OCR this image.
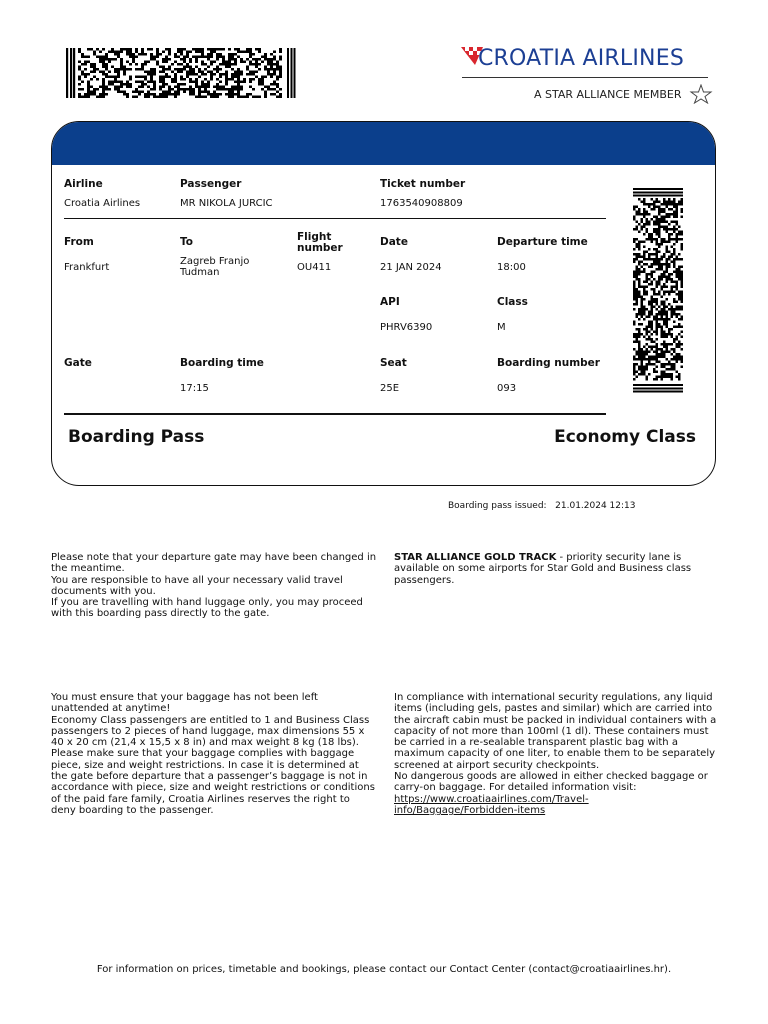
CROATIA AIRLINES
A STAR ALLIANCE MEMBER
Airline
Croatia Airlines
Passenger
MR NIKOLA JURCIC
Ticket number
1763540908809
From
Frankfurt
To
Zagreb Franjo
Tudman
Flight
number
OU411
Date
21 JAN 2024
Departure time
18:00
API
PHRV6390
Class
M
Gate	Boarding time
17:15
Seat
25E
Boarding number
093
Boarding Pass	Economy Class
Boarding pass issued: 21.01.2024 12:13

Please note that your departure gate may have been changed in the meantime.

You are responsible to have all your necessary valid travel documents with you.

If you are travelling with hand luggage only, you may proceed with this boarding pass directly to the gate.

STAR ALLIANCE GOLD TRACK - priority security lane is available on some airports for Star Gold and Business class passengers.

You must ensure that your baggage has not been left unattended at anytime!

Economy Class passengers are entitled to 1 and Business Class passengers to 2 pieces of hand luggage, max dimensions 55 x 40 x 20 cm (21,4 x 15,5 x 8 in) and max weight 8 kg (18 lbs).

Please make sure that your baggage complies with baggage piece, size and weight restrictions. In case it is determined at the gate before departure that a passenger’s baggage is not in accordance with piece, size and weight restrictions or conditions of the paid fare family, Croatia Airlines reserves the right to deny boarding to the passenger.

In compliance with international security regulations, any liquid items (including gels, pastes and similar) which are carried into the aircraft cabin must be packed in individual containers with a capacity of not more than 100ml (1 dl). These containers must be carried in a re-sealable transparent plastic bag with a maximum capacity of one liter, to enable them to be separately screened at airport security checkpoints.

No dangerous goods are allowed in either checked baggage or carry-on baggage. For detailed information visit:

https://www.croatiaairlines.com/Travel-info/Baggage/Forbidden-items

For information on prices, timetable and bookings, please contact our Contact Center (contact@croatiaairlines.hr).
